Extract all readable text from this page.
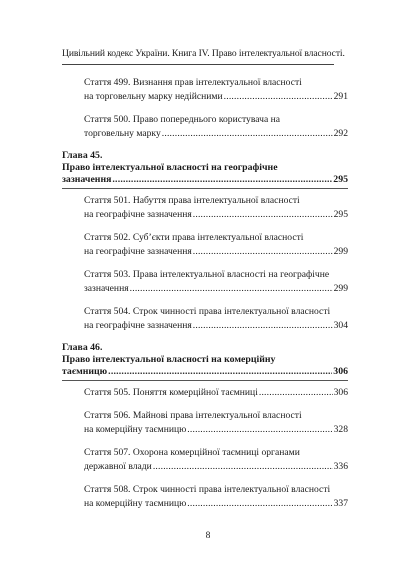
Цивільний кодекс України. Книга IV. Право інтелектуальної власності.
Стаття 499. Визнання прав інтелектуальної власності
на торговельну марку недійсними .....	291
Стаття 500. Право попереднього користувача на
торговельну марку .....	292
Глава 45.
Право інтелектуальної власності на географічне
зазначення .....	295
Стаття 501. Набуття права інтелектуальної власності
на географічне зазначення .....	295
Стаття 502. Суб’єкти права інтелектуальної власності
на географічне зазначення .....	299
Стаття 503. Права інтелектуальної власності на географічне
зазначення .....	299
Стаття 504. Строк чинності права інтелектуальної власності
на географічне зазначення .....	304
Глава 46.
Право інтелектуальної власності на комерційну
таємницю .....	306
Стаття 505. Поняття комерційної таємниці .....	306
Стаття 506. Майнові права інтелектуальної власності
на комерційну таємницю .....	328
Стаття 507. Охорона комерційної таємниці органами
державної влади .....	336
Стаття 508. Строк чинності права інтелектуальної власності
на комерційну таємницю .....	337
8
